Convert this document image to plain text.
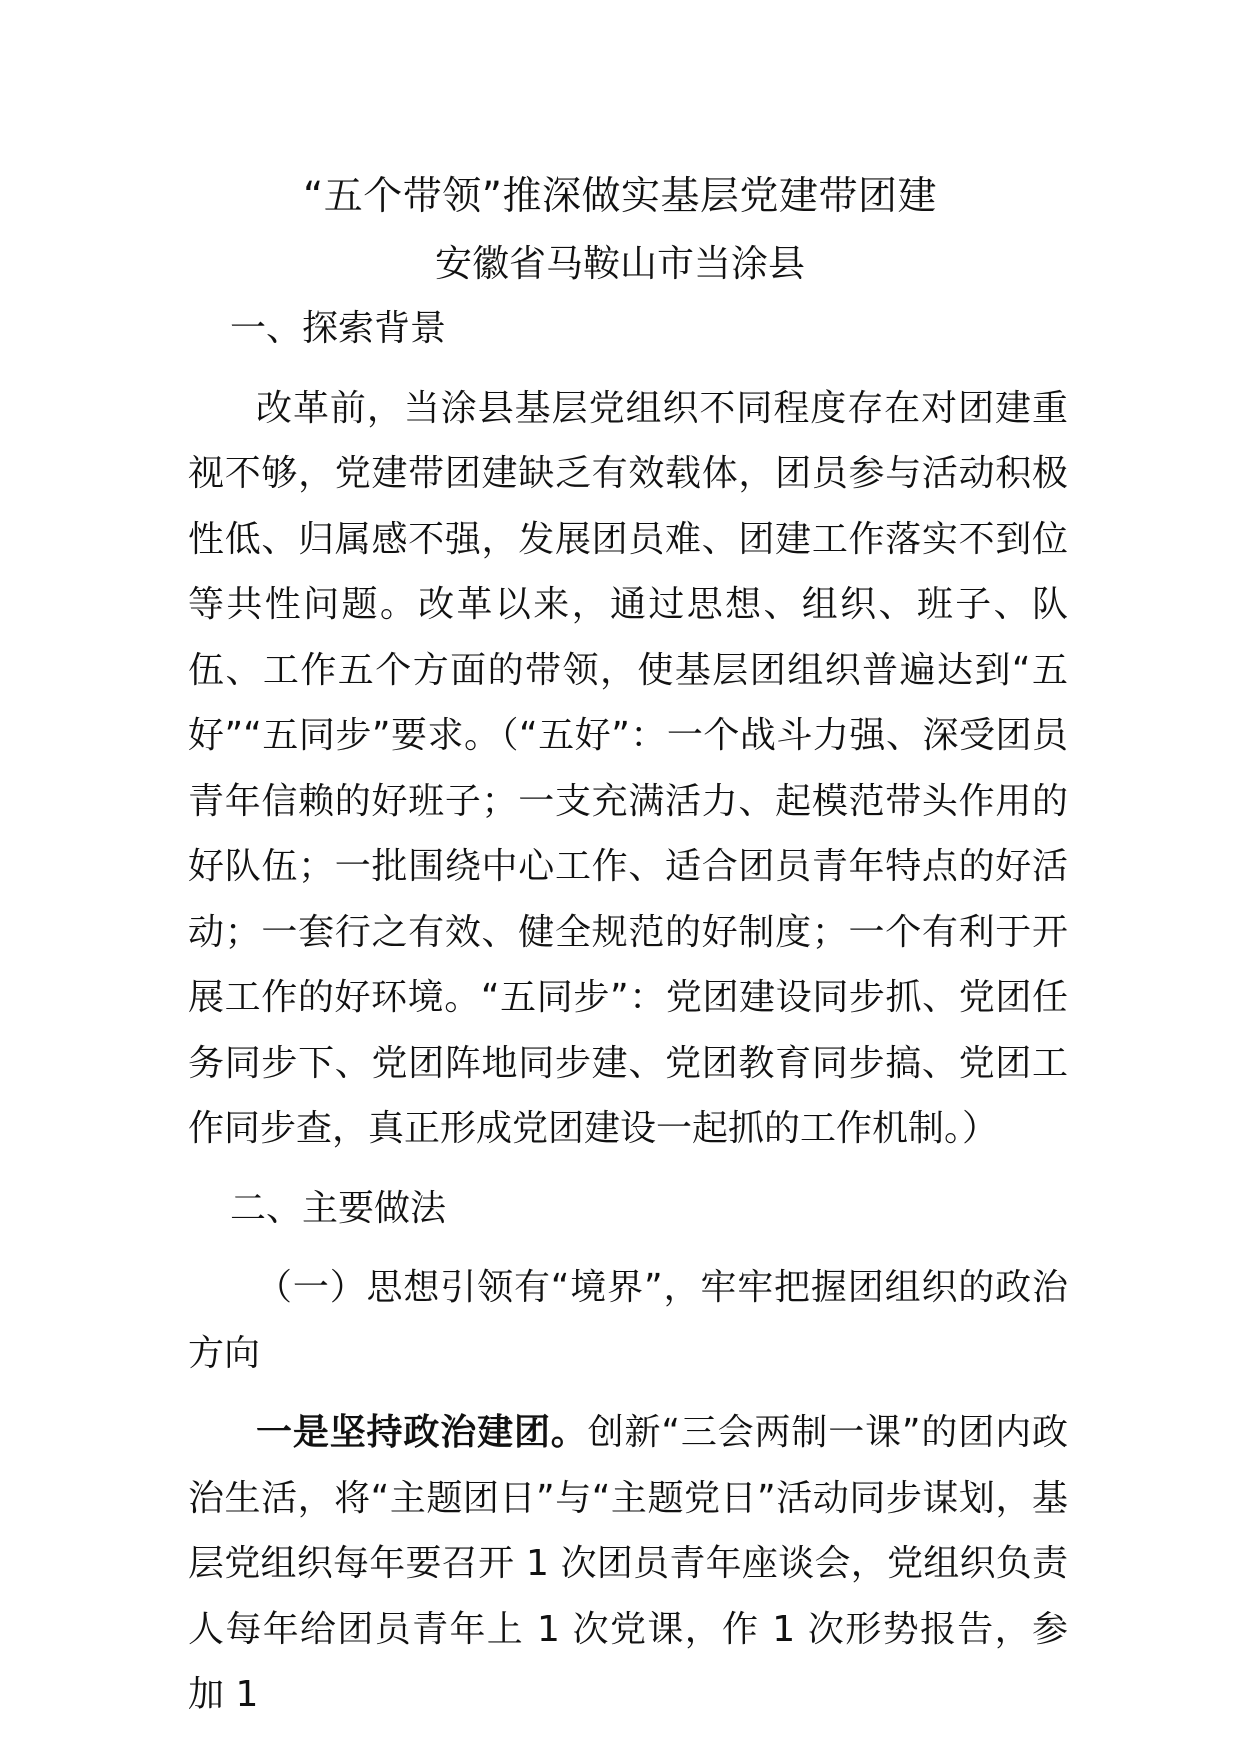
“五个带领”推深做实基层党建带团建
安徽省马鞍山市当涂县

一、探索背景

改革前，当涂县基层党组织不同程度存在对团建重视不够，党建带团建缺乏有效载体，团员参与活动积极性低、归属感不强，发展团员难、团建工作落实不到位等共性问题。改革以来，通过思想、组织、班子、队伍、工作五个方面的带领，使基层团组织普遍达到“五好”“五同步”要求。（“五好”：一个战斗力强、深受团员青年信赖的好班子；一支充满活力、起模范带头作用的好队伍；一批围绕中心工作、适合团员青年特点的好活动；一套行之有效、健全规范的好制度；一个有利于开展工作的好环境。“五同步”：党团建设同步抓、党团任务同步下、党团阵地同步建、党团教育同步搞、党团工作同步查，真正形成党团建设一起抓的工作机制。）

二、主要做法

（一）思想引领有“境界”，牢牢把握团组织的政治方向

一是坚持政治建团。创新“三会两制一课”的团内政治生活，将“主题团日”与“主题党日”活动同步谋划，基层党组织每年要召开 1 次团员青年座谈会，党组织负责人每年给团员青年上 1 次党课，作 1 次形势报告，参加 1
